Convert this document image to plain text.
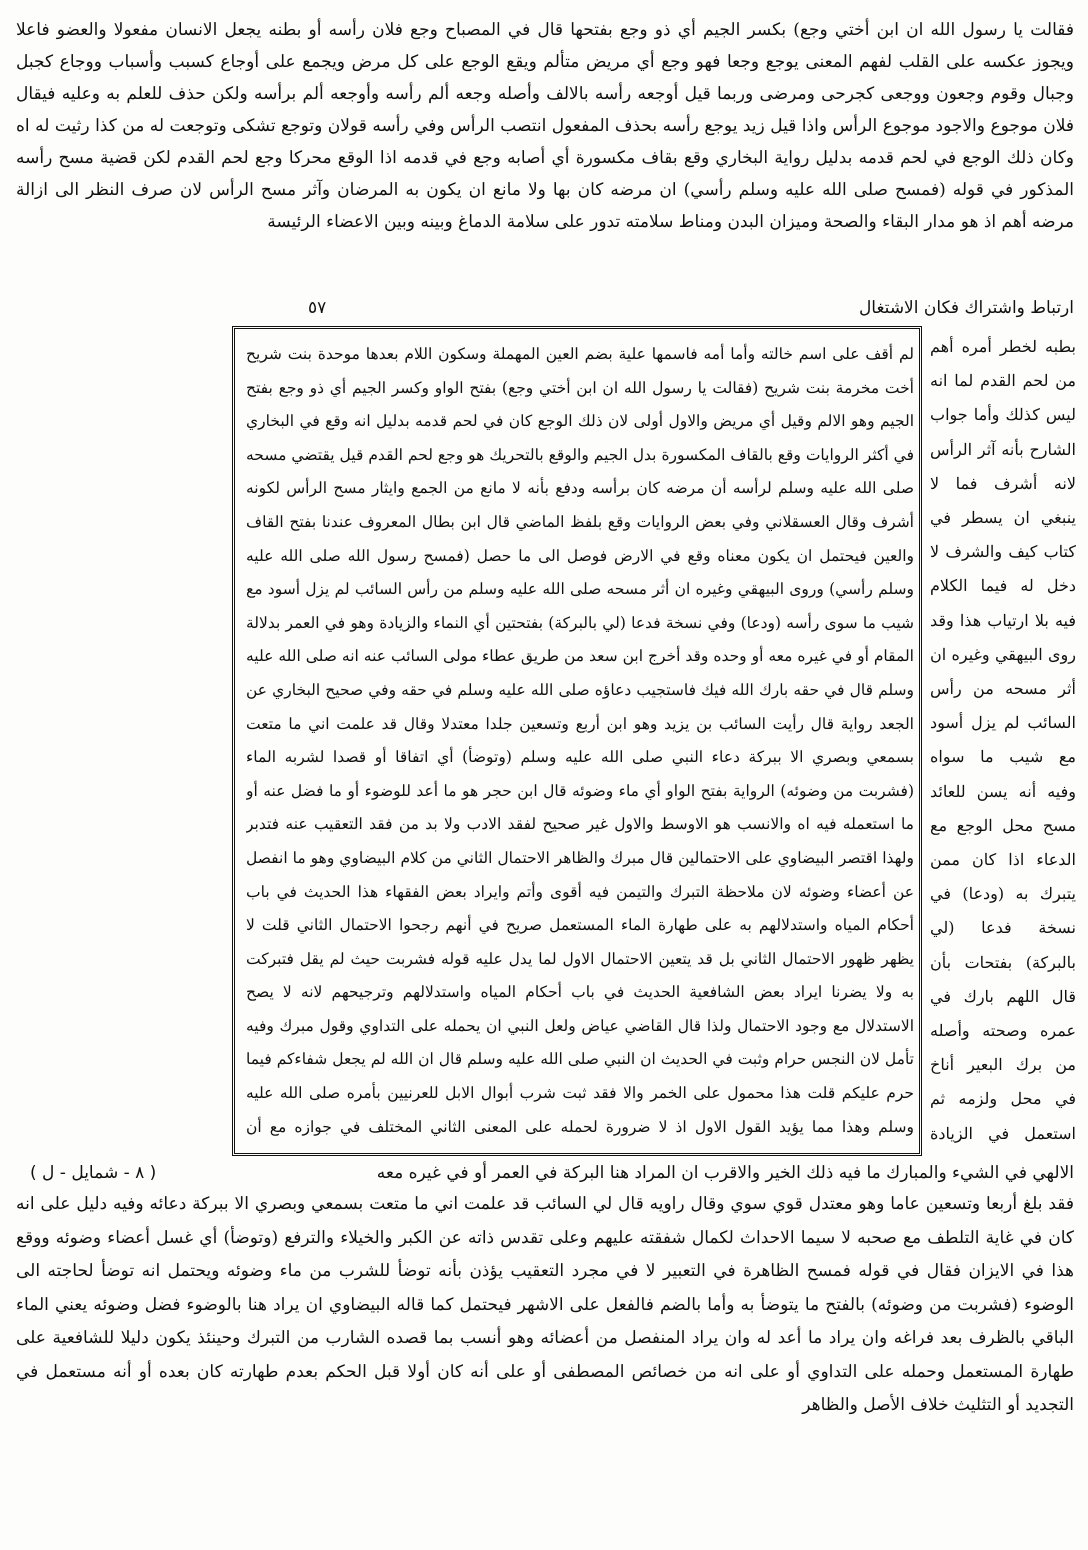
فقالت يا رسول الله ان ابن أختي وجع) بكسر الجيم أي ذو وجع بفتحها قال في المصباح وجع فلان رأسه أو بطنه يجعل الانسان مفعولا والعضو فاعلا ويجوز عكسه على القلب لفهم المعنى يوجع وجعا فهو وجع أي مريض متألم ويقع الوجع على كل مرض ويجمع على أوجاع كسبب وأسباب ووجاع كجبل وجبال وقوم وجعون ووجعى كجرحى ومرضى وربما قيل أوجعه رأسه بالالف وأصله وجعه ألم رأسه وأوجعه ألم برأسه ولكن حذف للعلم به وعليه فيقال فلان موجوع والاجود موجوع الرأس واذا قيل زيد يوجع رأسه بحذف المفعول انتصب الرأس وفي رأسه قولان وتوجع تشكى وتوجعت له من كذا رثيت له اه وكان ذلك الوجع في لحم قدمه بدليل رواية البخاري وقع بقاف مكسورة أي أصابه وجع في قدمه اذا الوقع محركا وجع لحم القدم لكن قضية مسح رأسه المذكور في قوله (فمسح صلى الله عليه وسلم رأسي) ان مرضه كان بها ولا مانع ان يكون به المرضان وآثر مسح الرأس لان صرف النظر الى ازالة مرضه أهم اذ هو مدار البقاء والصحة وميزان البدن ومناط سلامته تدور على سلامة الدماغ وبينه وبين الاعضاء الرئيسة

ارتباط واشتراك فكان الاشتغال
٥٧

لم أقف على اسم خالته وأما أمه فاسمها علية بضم العين المهملة وسكون اللام بعدها موحدة بنت شريح أخت مخرمة بنت شريح (فقالت يا رسول الله ان ابن أختي وجع) بفتح الواو وكسر الجيم أي ذو وجع بفتح الجيم وهو الالم وقيل أي مريض والاول أولى لان ذلك الوجع كان في لحم قدمه بدليل انه وقع في البخاري في أكثر الروايات وقع بالقاف المكسورة بدل الجيم والوقع بالتحريك هو وجع لحم القدم قيل يقتضي مسحه صلى الله عليه وسلم لرأسه أن مرضه كان برأسه ودفع بأنه لا مانع من الجمع وايثار مسح الرأس لكونه أشرف وقال العسقلاني وفي بعض الروايات وقع بلفظ الماضي قال ابن بطال المعروف عندنا بفتح القاف والعين فيحتمل ان يكون معناه وقع في الارض فوصل الى ما حصل (فمسح رسول الله صلى الله عليه وسلم رأسي) وروى البيهقي وغيره ان أثر مسحه صلى الله عليه وسلم من رأس السائب لم يزل أسود مع شيب ما سوى رأسه (ودعا) وفي نسخة فدعا (لي بالبركة) بفتحتين أي النماء والزيادة وهو في العمر بدلالة المقام أو في غيره معه أو وحده وقد أخرج ابن سعد من طريق عطاء مولى السائب عنه انه صلى الله عليه وسلم قال في حقه بارك الله فيك فاستجيب دعاؤه صلى الله عليه وسلم في حقه وفي صحيح البخاري عن الجعد رواية قال رأيت السائب بن يزيد وهو ابن أربع وتسعين جلدا معتدلا وقال قد علمت اني ما متعت بسمعي وبصري الا ببركة دعاء النبي صلى الله عليه وسلم (وتوضأ) أي اتفاقا أو قصدا لشربه الماء (فشربت من وضوئه) الرواية بفتح الواو أي ماء وضوئه قال ابن حجر هو ما أعد للوضوء أو ما فضل عنه أو ما استعمله فيه اه والانسب هو الاوسط والاول غير صحيح لفقد الادب ولا بد من فقد التعقيب عنه فتدبر ولهذا اقتصر البيضاوي على الاحتمالين قال مبرك والظاهر الاحتمال الثاني من كلام البيضاوي وهو ما انفصل عن أعضاء وضوئه لان ملاحظة التبرك والتيمن فيه أقوى وأتم وايراد بعض الفقهاء هذا الحديث في باب أحكام المياه واستدلالهم به على طهارة الماء المستعمل صريح في أنهم رجحوا الاحتمال الثاني قلت لا يظهر ظهور الاحتمال الثاني بل قد يتعين الاحتمال الاول لما يدل عليه قوله فشربت حيث لم يقل فتبركت به ولا يضرنا ايراد بعض الشافعية الحديث في باب أحكام المياه واستدلالهم وترجيحهم لانه لا يصح الاستدلال مع وجود الاحتمال ولذا قال القاضي عياض ولعل النبي ان يحمله على التداوي وقول مبرك وفيه تأمل لان النجس حرام وثبت في الحديث ان النبي صلى الله عليه وسلم قال ان الله لم يجعل شفاءكم فيما حرم عليكم قلت هذا محمول على الخمر والا فقد ثبت شرب أبوال الابل للعرنيين بأمره صلى الله عليه وسلم وهذا مما يؤيد القول الاول اذ لا ضرورة لحمله على المعنى الثاني المختلف في جوازه مع أن

بطبه لخطر أمره أهم من لحم القدم لما انه ليس كذلك وأما جواب الشارح بأنه آثر الرأس لانه أشرف فما لا ينبغي ان يسطر في كتاب كيف والشرف لا دخل له فيما الكلام فيه بلا ارتياب هذا وقد روى البيهقي وغيره ان أثر مسحه من رأس السائب لم يزل أسود مع شيب ما سواه وفيه أنه يسن للعائد مسح محل الوجع مع الدعاء اذا كان ممن يتبرك به (ودعا) في نسخة فدعا (لي بالبركة) بفتحات بأن قال اللهم بارك في عمره وصحته وأصله من برك البعير أناخ في محل ولزمه ثم استعمل في الزيادة

الالهي في الشيء والمبارك ما فيه ذلك الخير والاقرب ان المراد هنا البركة في العمر أو في غيره معه
( ٨ - شمايل - ل )

فقد بلغ أربعا وتسعين عاما وهو معتدل قوي سوي وقال راويه قال لي السائب قد علمت اني ما متعت بسمعي وبصري الا ببركة دعائه وفيه دليل على انه كان في غاية التلطف مع صحبه لا سيما الاحداث لكمال شفقته عليهم وعلى تقدس ذاته عن الكبر والخيلاء والترفع (وتوضأ) أي غسل أعضاء وضوئه ووقع هذا في الايزان فقال في قوله فمسح الظاهرة في التعبير لا في مجرد التعقيب يؤذن بأنه توضأ للشرب من ماء وضوئه ويحتمل انه توضأ لحاجته الى الوضوء (فشربت من وضوئه) بالفتح ما يتوضأ به وأما بالضم فالفعل على الاشهر فيحتمل كما قاله البيضاوي ان يراد هنا بالوضوء فضل وضوئه يعني الماء الباقي بالظرف بعد فراغه وان يراد ما أعد له وان يراد المنفصل من أعضائه وهو أنسب بما قصده الشارب من التبرك وحينئذ يكون دليلا للشافعية على طهارة المستعمل وحمله على التداوي أو على انه من خصائص المصطفى أو على أنه كان أولا قبل الحكم بعدم طهارته كان بعده أو أنه مستعمل في التجديد أو التثليث خلاف الأصل والظاهر
